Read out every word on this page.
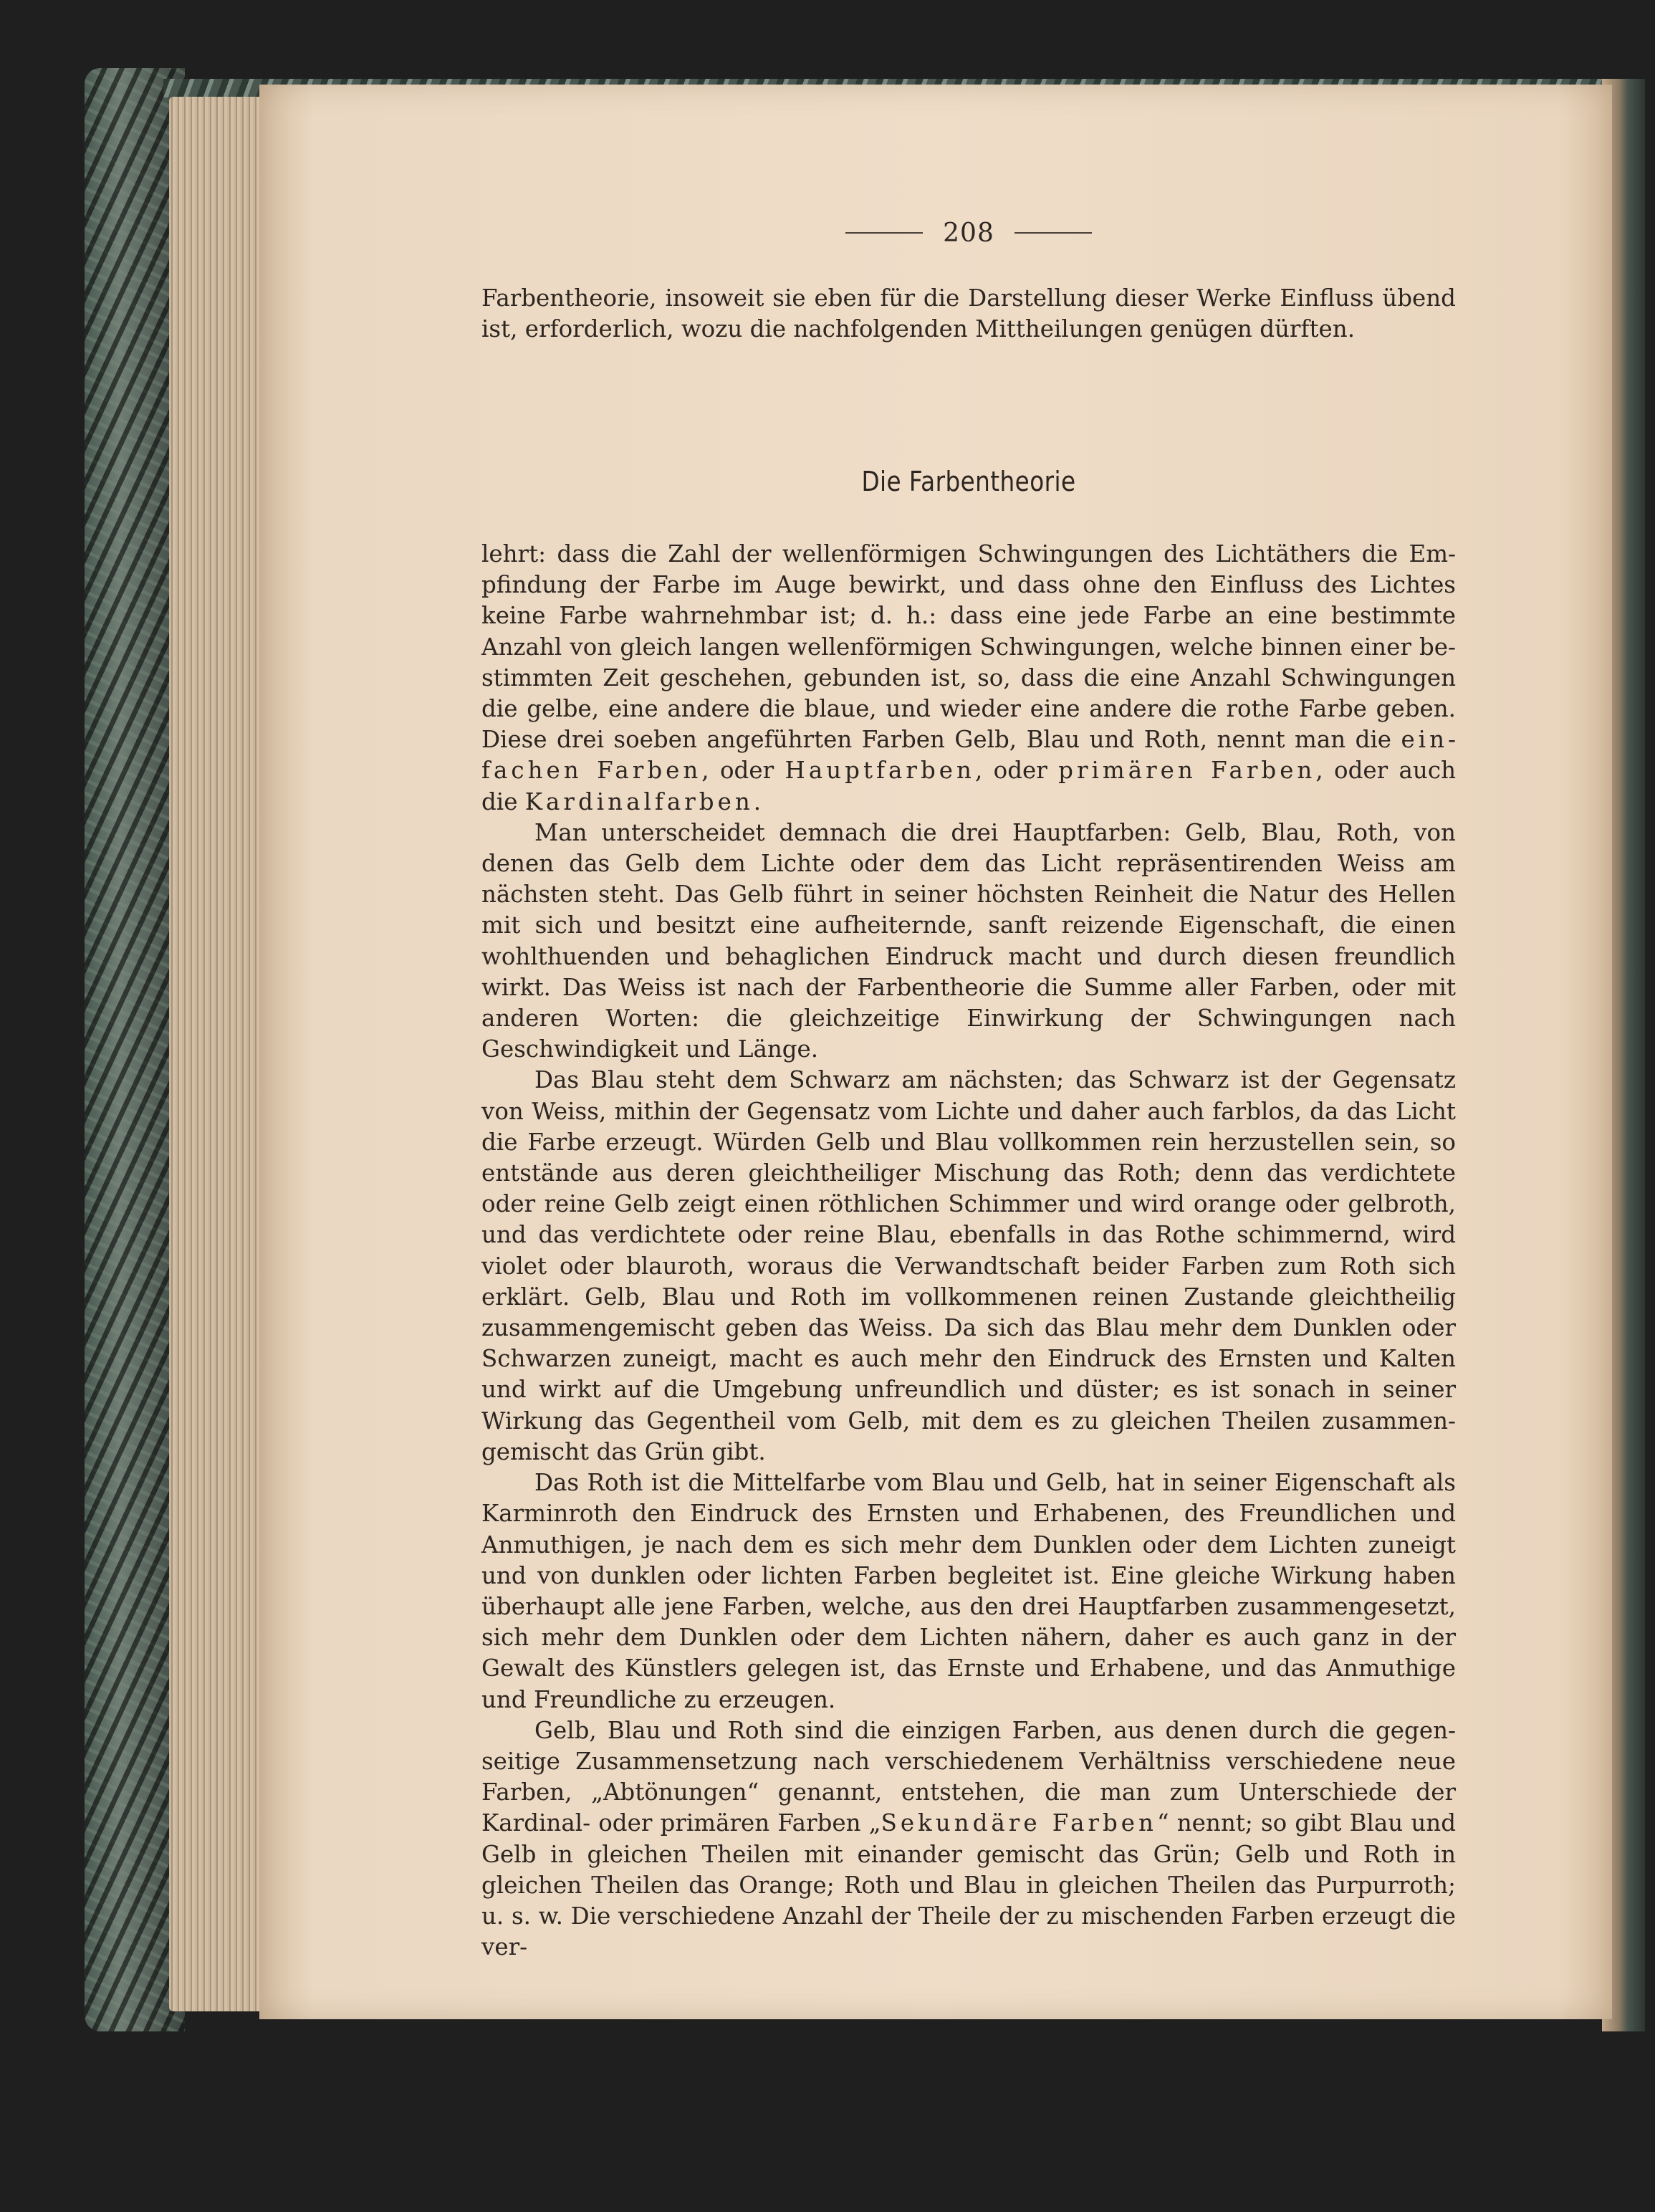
208

Farbentheorie, insoweit sie eben für die Darstellung dieser Werke Einfluss übend ist, erforderlich, wozu die nachfolgenden Mittheilungen genügen dürften.

Die Farbentheorie

lehrt: dass die Zahl der wellenförmigen Schwingungen des Lichtäthers die Empfindung der Farbe im Auge bewirkt, und dass ohne den Einfluss des Lichtes keine Farbe wahrnehmbar ist; d. h.: dass eine jede Farbe an eine bestimmte Anzahl von gleich langen wellenförmigen Schwingungen, welche binnen einer bestimmten Zeit geschehen, gebunden ist, so, dass die eine Anzahl Schwingungen die gelbe, eine andere die blaue, und wieder eine andere die rothe Farbe geben. Diese drei soeben angeführten Farben Gelb, Blau und Roth, nennt man die einfachen Farben, oder Hauptfarben, oder primären Farben, oder auch die Kardinalfarben.

Man unterscheidet demnach die drei Hauptfarben: Gelb, Blau, Roth, von denen das Gelb dem Lichte oder dem das Licht repräsentirenden Weiss am nächsten steht. Das Gelb führt in seiner höchsten Reinheit die Natur des Hellen mit sich und besitzt eine aufheiternde, sanft reizende Eigenschaft, die einen wohlthuenden und behaglichen Eindruck macht und durch diesen freundlich wirkt. Das Weiss ist nach der Farbentheorie die Summe aller Farben, oder mit anderen Worten: die gleichzeitige Einwirkung der Schwingungen nach Geschwindigkeit und Länge.

Das Blau steht dem Schwarz am nächsten; das Schwarz ist der Gegensatz von Weiss, mithin der Gegensatz vom Lichte und daher auch farblos, da das Licht die Farbe erzeugt. Würden Gelb und Blau vollkommen rein herzustellen sein, so entstände aus deren gleichtheiliger Mischung das Roth; denn das verdichtete oder reine Gelb zeigt einen röthlichen Schimmer und wird orange oder gelbroth, und das verdichtete oder reine Blau, ebenfalls in das Rothe schimmernd, wird violet oder blauroth, woraus die Verwandtschaft beider Farben zum Roth sich erklärt. Gelb, Blau und Roth im vollkommenen reinen Zustande gleichtheilig zusammengemischt geben das Weiss. Da sich das Blau mehr dem Dunklen oder Schwarzen zuneigt, macht es auch mehr den Eindruck des Ernsten und Kalten und wirkt auf die Umgebung unfreundlich und düster; es ist sonach in seiner Wirkung das Gegentheil vom Gelb, mit dem es zu gleichen Theilen zusammengemischt das Grün gibt.

Das Roth ist die Mittelfarbe vom Blau und Gelb, hat in seiner Eigenschaft als Karminroth den Eindruck des Ernsten und Erhabenen, des Freundlichen und Anmuthigen, je nach dem es sich mehr dem Dunklen oder dem Lichten zuneigt und von dunklen oder lichten Farben begleitet ist. Eine gleiche Wirkung haben überhaupt alle jene Farben, welche, aus den drei Hauptfarben zusammengesetzt, sich mehr dem Dunklen oder dem Lichten nähern, daher es auch ganz in der Gewalt des Künstlers gelegen ist, das Ernste und Erhabene, und das Anmuthige und Freundliche zu erzeugen.

Gelb, Blau und Roth sind die einzigen Farben, aus denen durch die gegenseitige Zusammensetzung nach verschiedenem Verhältniss verschiedene neue Farben, „Abtönungen“ genannt, entstehen, die man zum Unterschiede der Kardinal- oder primären Farben „Sekundäre Farben“ nennt; so gibt Blau und Gelb in gleichen Theilen mit einander gemischt das Grün; Gelb und Roth in gleichen Theilen das Orange; Roth und Blau in gleichen Theilen das Purpurroth; u. s. w. Die verschiedene Anzahl der Theile der zu mischenden Farben erzeugt die ver-
